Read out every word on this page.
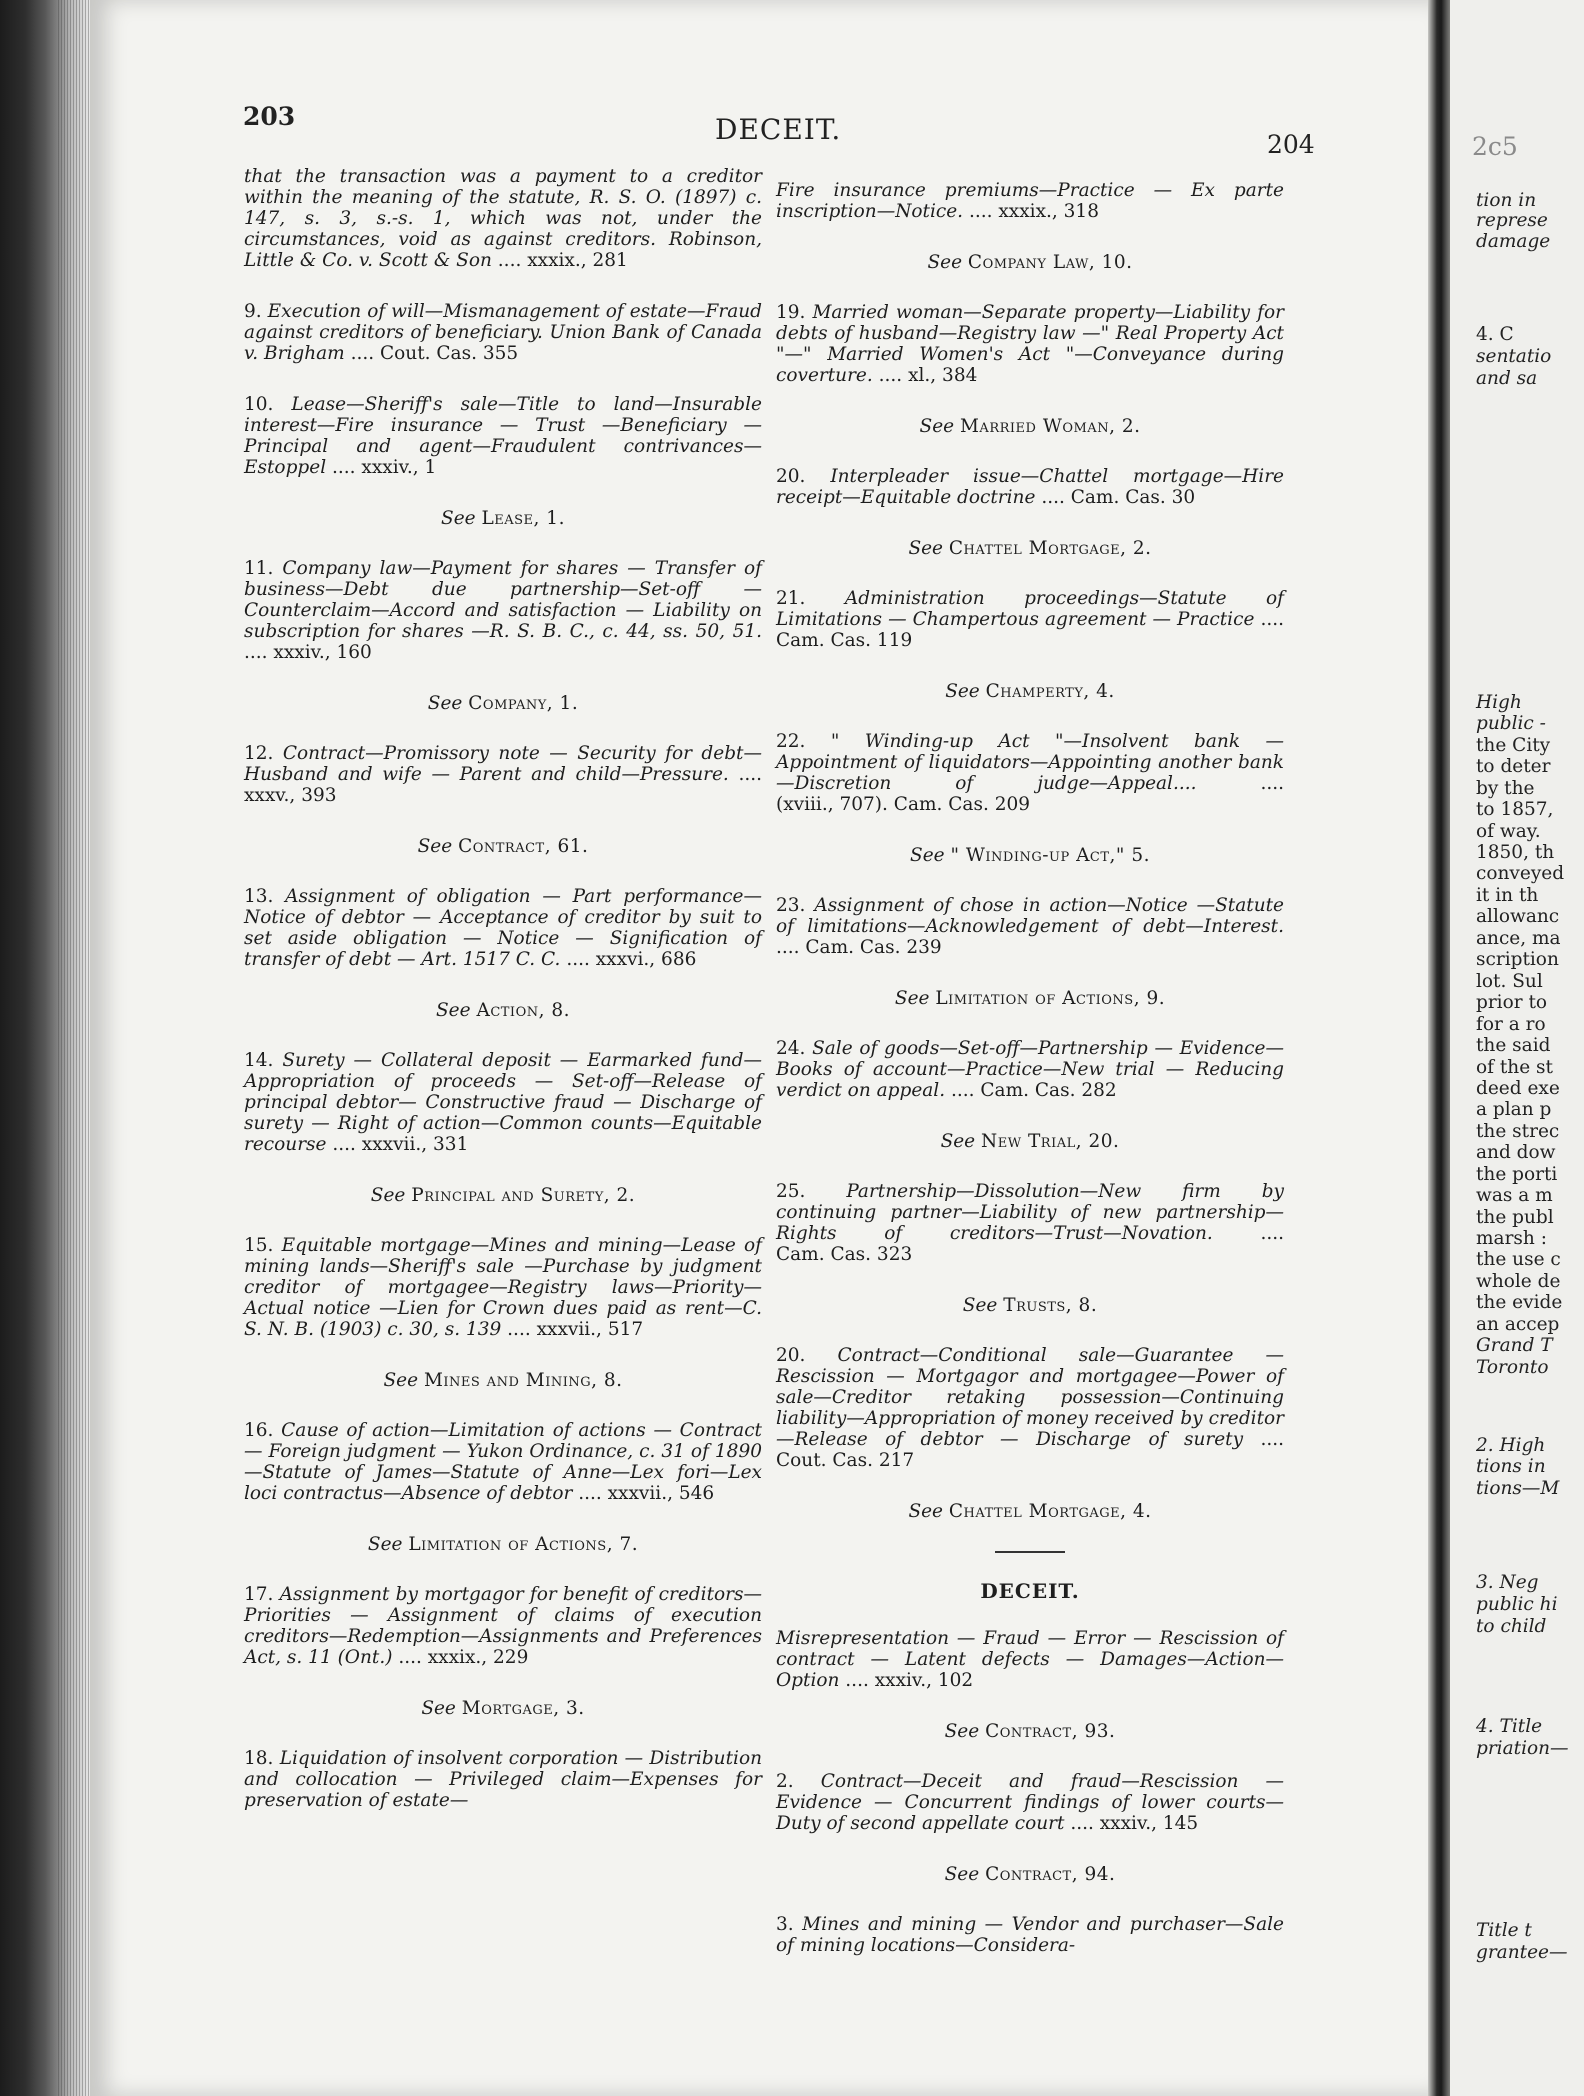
203	DECEIT.	204
that the transaction was a payment to a creditor within the meaning of the statute, R. S. O. (1897) c. 147, s. 3, s.-s. 1, which was not, under the circumstances, void as against creditors. Robinson, Little & Co. v. Scott & Son .... xxxix., 281
9. Execution of will—Mismanagement of estate—Fraud against creditors of beneficiary. Union Bank of Canada v. Brigham .... Cout. Cas. 355
10. Lease—Sheriff's sale—Title to land—Insurable interest—Fire insurance — Trust —Beneficiary — Principal and agent—Fraudulent contrivances—Estoppel .... xxxiv., 1
See Lease, 1.
11. Company law—Payment for shares — Transfer of business—Debt due partnership—Set-off — Counterclaim—Accord and satisfaction — Liability on subscription for shares —R. S. B. C., c. 44, ss. 50, 51. .... xxxiv., 160
See Company, 1.
12. Contract—Promissory note — Security for debt—Husband and wife — Parent and child—Pressure. .... xxxv., 393
See Contract, 61.
13. Assignment of obligation — Part performance—Notice of debtor — Acceptance of creditor by suit to set aside obligation — Notice — Signification of transfer of debt — Art. 1517 C. C. .... xxxvi., 686
See Action, 8.
14. Surety — Collateral deposit — Earmarked fund—Appropriation of proceeds — Set-off—Release of principal debtor— Constructive fraud — Discharge of surety — Right of action—Common counts—Equitable recourse .... xxxvii., 331
See Principal and Surety, 2.
15. Equitable mortgage—Mines and mining—Lease of mining lands—Sheriff's sale —Purchase by judgment creditor of mortgagee—Registry laws—Priority—Actual notice —Lien for Crown dues paid as rent—C. S. N. B. (1903) c. 30, s. 139 .... xxxvii., 517
See Mines and Mining, 8.
16. Cause of action—Limitation of actions — Contract — Foreign judgment — Yukon Ordinance, c. 31 of 1890—Statute of James—Statute of Anne—Lex fori—Lex loci contractus—Absence of debtor .... xxxvii., 546
See Limitation of Actions, 7.
17. Assignment by mortgagor for benefit of creditors—Priorities — Assignment of claims of execution creditors—Redemption—Assignments and Preferences Act, s. 11 (Ont.) .... xxxix., 229
See Mortgage, 3.
18. Liquidation of insolvent corporation — Distribution and collocation — Privileged claim—Expenses for preservation of estate—
Fire insurance premiums—Practice — Ex parte inscription—Notice. .... xxxix., 318
See Company Law, 10.
19. Married woman—Separate property—Liability for debts of husband—Registry law —" Real Property Act "—" Married Women's Act "—Conveyance during coverture. .... xl., 384
See Married Woman, 2.
20. Interpleader issue—Chattel mortgage—Hire receipt—Equitable doctrine .... Cam. Cas. 30
See Chattel Mortgage, 2.
21. Administration proceedings—Statute of Limitations — Champertous agreement — Practice .... Cam. Cas. 119
See Champerty, 4.
22. " Winding-up Act "—Insolvent bank — Appointment of liquidators—Appointing another bank—Discretion of judge—Appeal.... .... (xviii., 707). Cam. Cas. 209
See " Winding-up Act," 5.
23. Assignment of chose in action—Notice —Statute of limitations—Acknowledgement of debt—Interest. .... Cam. Cas. 239
See Limitation of Actions, 9.
24. Sale of goods—Set-off—Partnership — Evidence—Books of account—Practice—New trial — Reducing verdict on appeal. .... Cam. Cas. 282
See New Trial, 20.
25. Partnership—Dissolution—New firm by continuing partner—Liability of new partnership—Rights of creditors—Trust—Novation. .... Cam. Cas. 323
See Trusts, 8.
20. Contract—Conditional sale—Guarantee — Rescission — Mortgagor and mortgagee—Power of sale—Creditor retaking possession—Continuing liability—Appropriation of money received by creditor—Release of debtor — Discharge of surety .... Cout. Cas. 217
See Chattel Mortgage, 4.
DECEIT.
Misrepresentation — Fraud — Error — Rescission of contract — Latent defects — Damages—Action—Option .... xxxiv., 102
See Contract, 93.
2. Contract—Deceit and fraud—Rescission —Evidence — Concurrent findings of lower courts—Duty of second appellate court .... xxxiv., 145
See Contract, 94.
3. Mines and mining — Vendor and purchaser—Sale of mining locations—Considera-
2c5
tion in
represe
damage
4. C
sentatio
and sa
High
public -
the City
to deter
by the
to 1857,
of way.
1850, th
conveyed
it in th
allowanc
ance, ma
scription
lot. Sul
prior to
for a ro
the said
of the st
deed exe
a plan p
the strec
and dow
the porti
was a m
the publ
marsh :
the use c
whole de
the evide
an accep
Grand T
Toronto
2. High
tions in
tions—M
3. Neg
public hi
to child
4. Title
priation—
Title t
grantee—
